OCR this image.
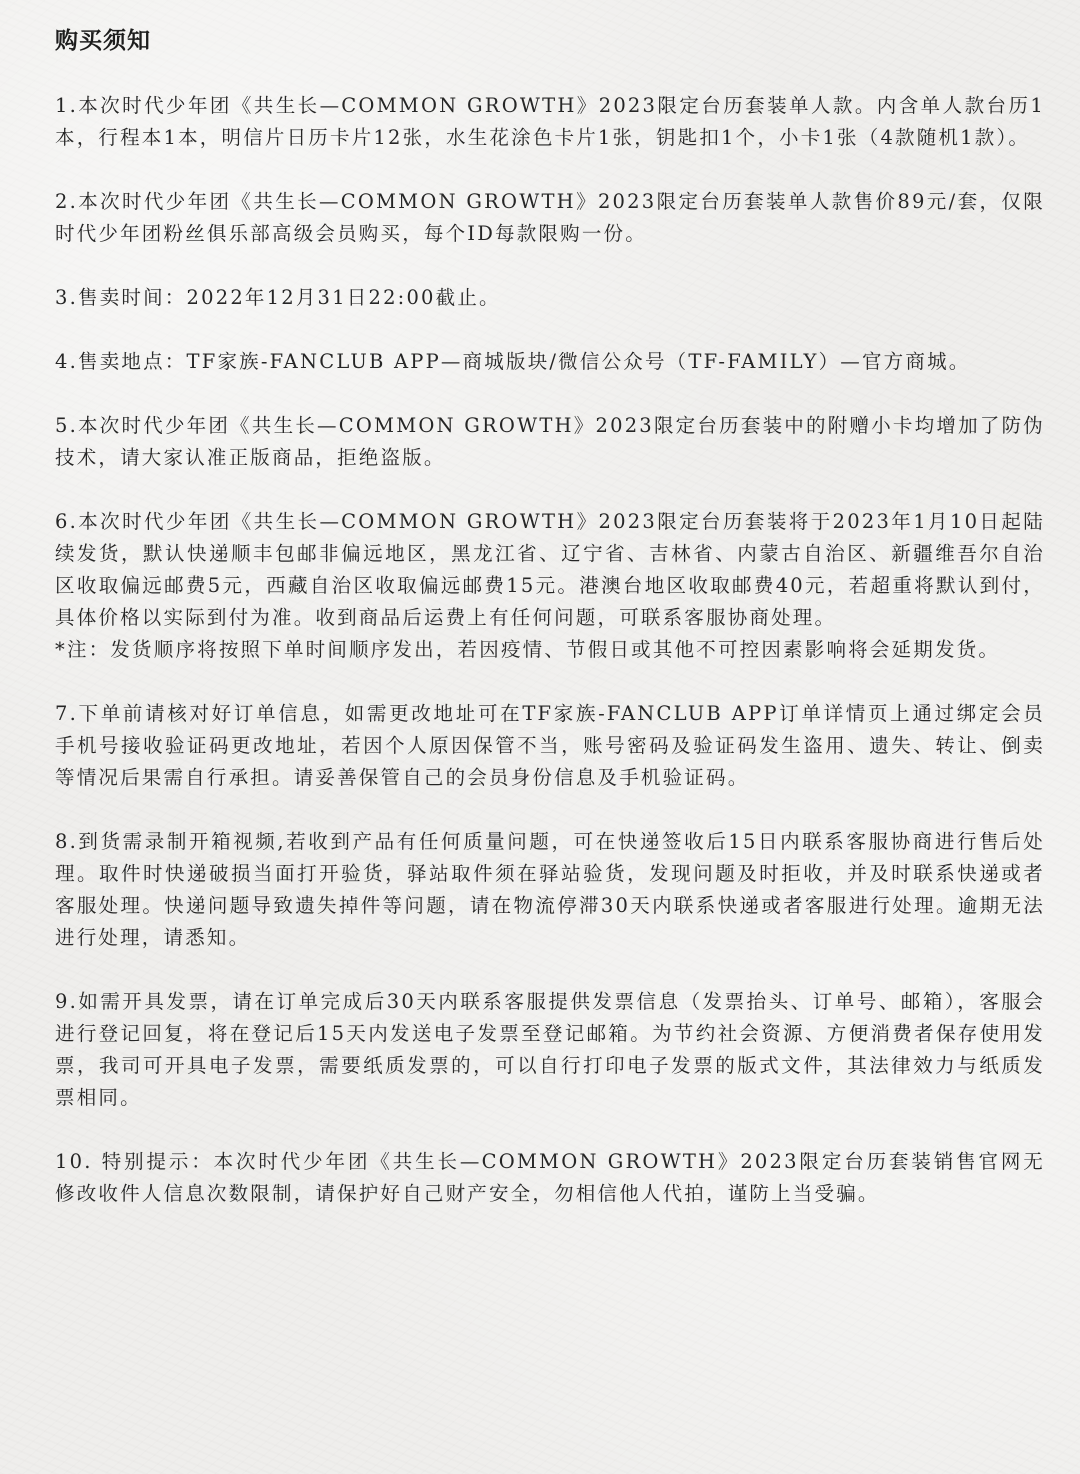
购买须知

1.本次时代少年团《共生长—COMMON GROWTH》2023限定台历套装单人款。内含单人款台历1本，行程本1本，明信片日历卡片12张，水生花涂色卡片1张，钥匙扣1个，小卡1张（4款随机1款）。

2.本次时代少年团《共生长—COMMON GROWTH》2023限定台历套装单人款售价89元/套，仅限时代少年团粉丝俱乐部高级会员购买，每个ID每款限购一份。

3.售卖时间：2022年12月31日22:00截止。

4.售卖地点：TF家族-FANCLUB APP—商城版块/微信公众号（TF-FAMILY）—官方商城。

5.本次时代少年团《共生长—COMMON GROWTH》2023限定台历套装中的附赠小卡均增加了防伪技术，请大家认准正版商品，拒绝盗版。

6.本次时代少年团《共生长—COMMON GROWTH》2023限定台历套装将于2023年1月10日起陆续发货，默认快递顺丰包邮非偏远地区，黑龙江省、辽宁省、吉林省、内蒙古自治区、新疆维吾尔自治区收取偏远邮费5元，西藏自治区收取偏远邮费15元。港澳台地区收取邮费40元，若超重将默认到付，具体价格以实际到付为准。收到商品后运费上有任何问题，可联系客服协商处理。

*注：发货顺序将按照下单时间顺序发出，若因疫情、节假日或其他不可控因素影响将会延期发货。

7.下单前请核对好订单信息，如需更改地址可在TF家族-FANCLUB APP订单详情页上通过绑定会员手机号接收验证码更改地址，若因个人原因保管不当，账号密码及验证码发生盗用、遗失、转让、倒卖等情况后果需自行承担。请妥善保管自己的会员身份信息及手机验证码。

8.到货需录制开箱视频,若收到产品有任何质量问题，可在快递签收后15日内联系客服协商进行售后处理。取件时快递破损当面打开验货，驿站取件须在驿站验货，发现问题及时拒收，并及时联系快递或者客服处理。快递问题导致遗失掉件等问题，请在物流停滞30天内联系快递或者客服进行处理。逾期无法进行处理，请悉知。

9.如需开具发票，请在订单完成后30天内联系客服提供发票信息（发票抬头、订单号、邮箱），客服会进行登记回复，将在登记后15天内发送电子发票至登记邮箱。为节约社会资源、方便消费者保存使用发票，我司可开具电子发票，需要纸质发票的，可以自行打印电子发票的版式文件，其法律效力与纸质发票相同。

10. 特别提示：本次时代少年团《共生长—COMMON GROWTH》2023限定台历套装销售官网无修改收件人信息次数限制，请保护好自己财产安全，勿相信他人代拍，谨防上当受骗。
